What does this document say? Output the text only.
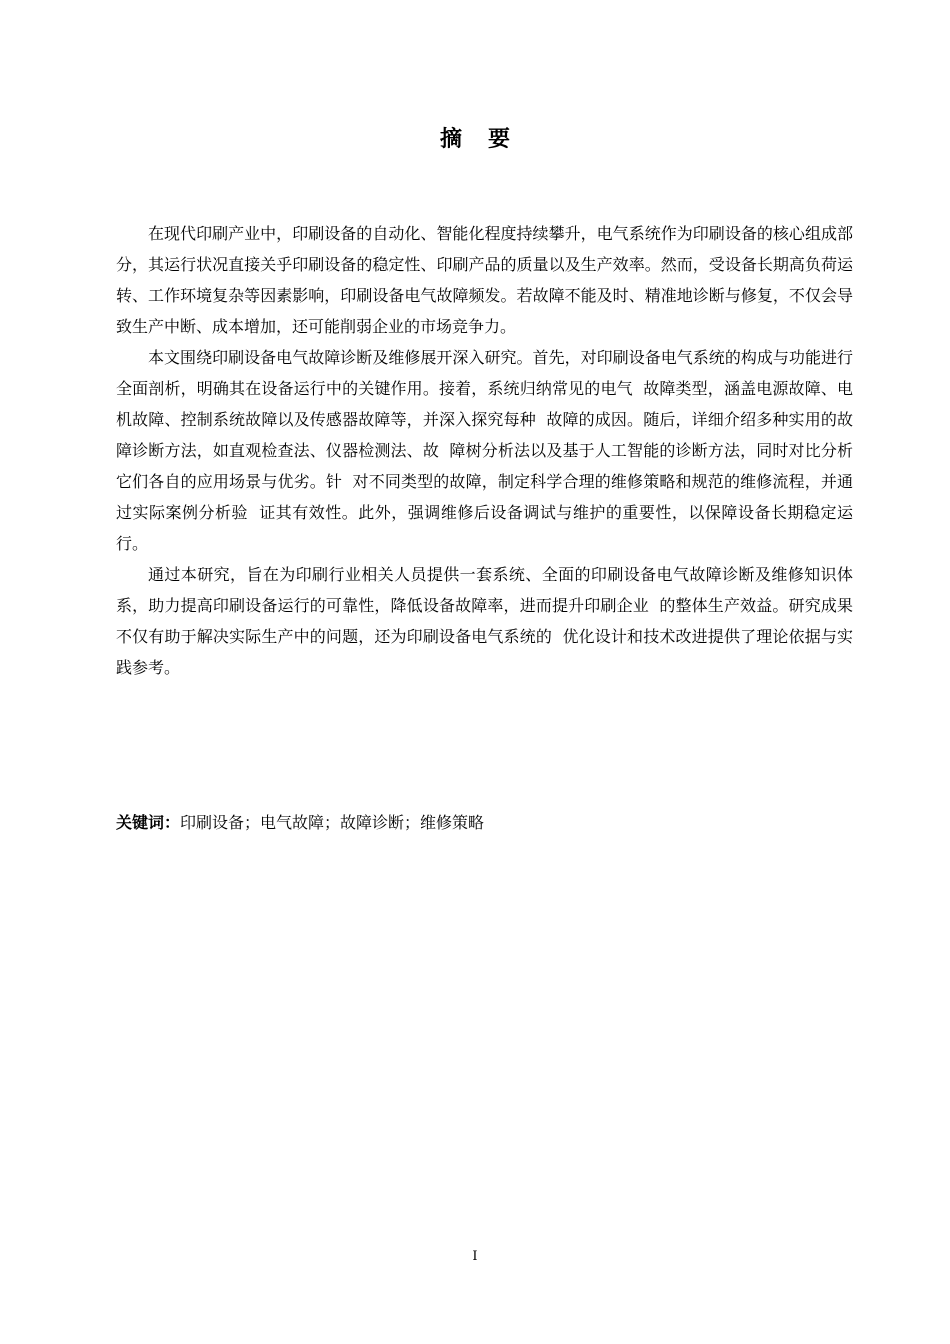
摘要

在现代印刷产业中，印刷设备的自动化、智能化程度持续攀升，电气系统作为印刷设备的核心组成部分，其运行状况直接关乎印刷设备的稳定性、印刷产品的质量以及生产效率。然而，受设备长期高负荷运转、工作环境复杂等因素影响，印刷设备电气故障频发。若故障不能及时、精准地诊断与修复，不仅会导致生产中断、成本增加，还可能削弱企业的市场竞争力。

本文围绕印刷设备电气故障诊断及维修展开深入研究。首先，对印刷设备电气系统的构成与功能进行全面剖析，明确其在设备运行中的关键作用。接着，系统归纳常见的电气  故障类型，涵盖电源故障、电机故障、控制系统故障以及传感器故障等，并深入探究每种  故障的成因。随后，详细介绍多种实用的故障诊断方法，如直观检查法、仪器检测法、故  障树分析法以及基于人工智能的诊断方法，同时对比分析它们各自的应用场景与优劣。针  对不同类型的故障，制定科学合理的维修策略和规范的维修流程，并通过实际案例分析验  证其有效性。此外，强调维修后设备调试与维护的重要性，以保障设备长期稳定运行。

通过本研究，旨在为印刷行业相关人员提供一套系统、全面的印刷设备电气故障诊断及维修知识体系，助力提高印刷设备运行的可靠性，降低设备故障率，进而提升印刷企业  的整体生产效益。研究成果不仅有助于解决实际生产中的问题，还为印刷设备电气系统的  优化设计和技术改进提供了理论依据与实践参考。

关键词：印刷设备；电气故障；故障诊断；维修策略
I
